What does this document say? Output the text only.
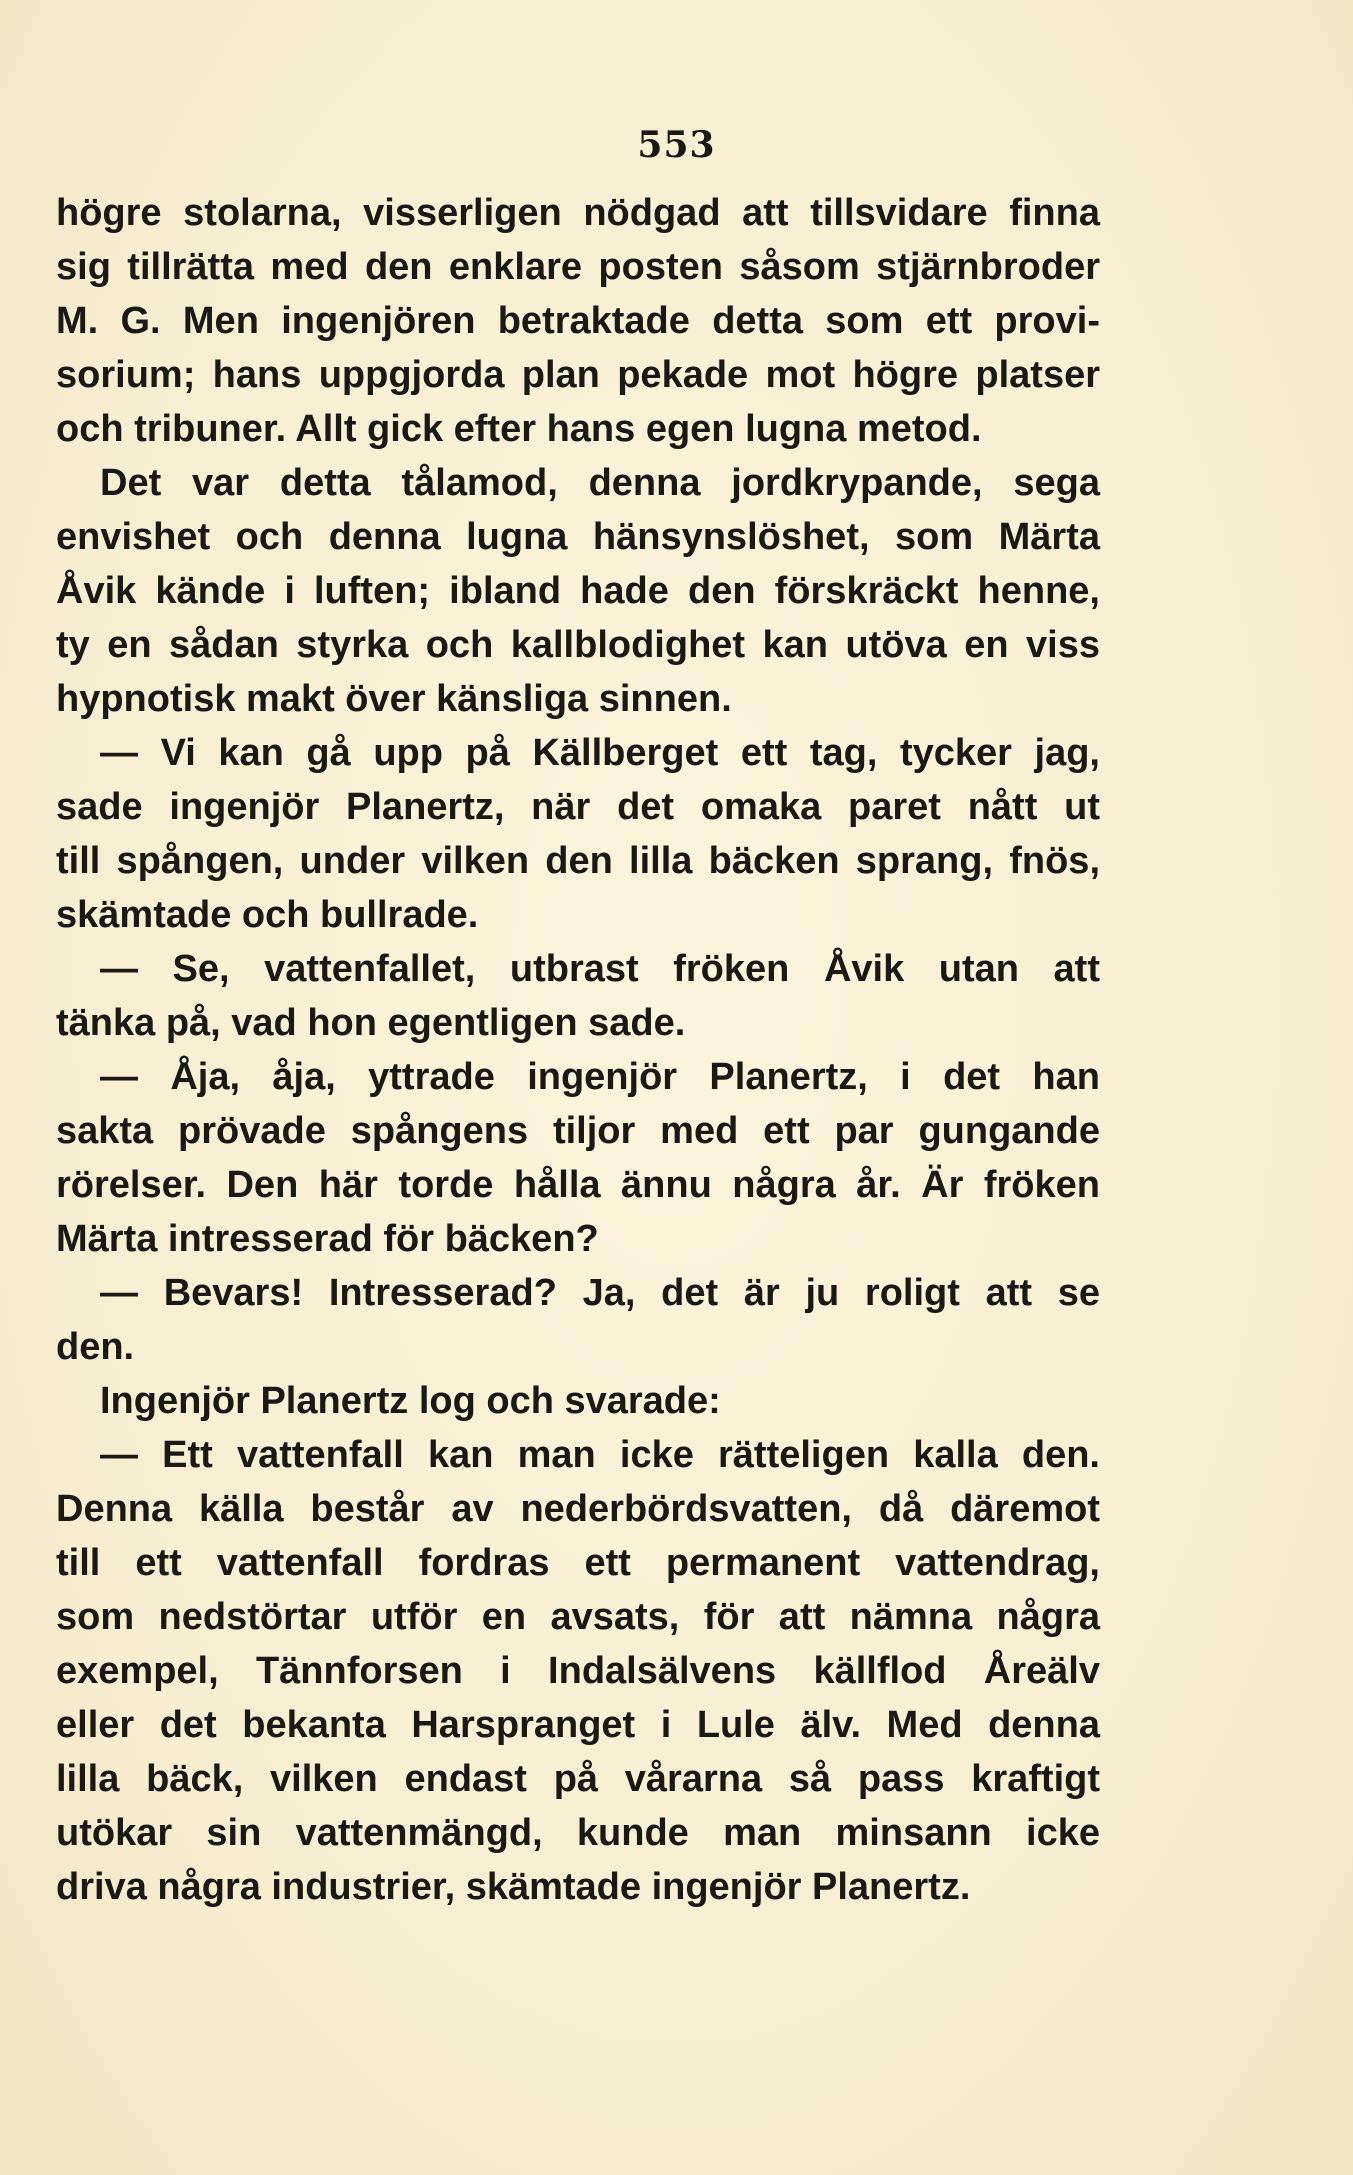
553
högre stolarna, visserligen nödgad att tillsvidare finna
sig tillrätta med den enklare posten såsom stjärnbroder
M. G. Men ingenjören betraktade detta som ett provi-
sorium; hans uppgjorda plan pekade mot högre platser
och tribuner. Allt gick efter hans egen lugna metod.
Det var detta tålamod, denna jordkrypande, sega
envishet och denna lugna hänsynslöshet, som Märta
Åvik kände i luften; ibland hade den förskräckt henne,
ty en sådan styrka och kallblodighet kan utöva en viss
hypnotisk makt över känsliga sinnen.
— Vi kan gå upp på Källberget ett tag, tycker jag,
sade ingenjör Planertz, när det omaka paret nått ut
till spången, under vilken den lilla bäcken sprang, fnös,
skämtade och bullrade.
— Se, vattenfallet, utbrast fröken Åvik utan att
tänka på, vad hon egentligen sade.
— Åja, åja, yttrade ingenjör Planertz, i det han
sakta prövade spångens tiljor med ett par gungande
rörelser. Den här torde hålla ännu några år. Är fröken
Märta intresserad för bäcken?
— Bevars! Intresserad? Ja, det är ju roligt att se
den.
Ingenjör Planertz log och svarade:
— Ett vattenfall kan man icke rätteligen kalla den.
Denna källa består av nederbördsvatten, då däremot
till ett vattenfall fordras ett permanent vattendrag,
som nedstörtar utför en avsats, för att nämna några
exempel, Tännforsen i Indalsälvens källflod Åreälv
eller det bekanta Harspranget i Lule älv. Med denna
lilla bäck, vilken endast på vårarna så pass kraftigt
utökar sin vattenmängd, kunde man minsann icke
driva några industrier, skämtade ingenjör Planertz.
